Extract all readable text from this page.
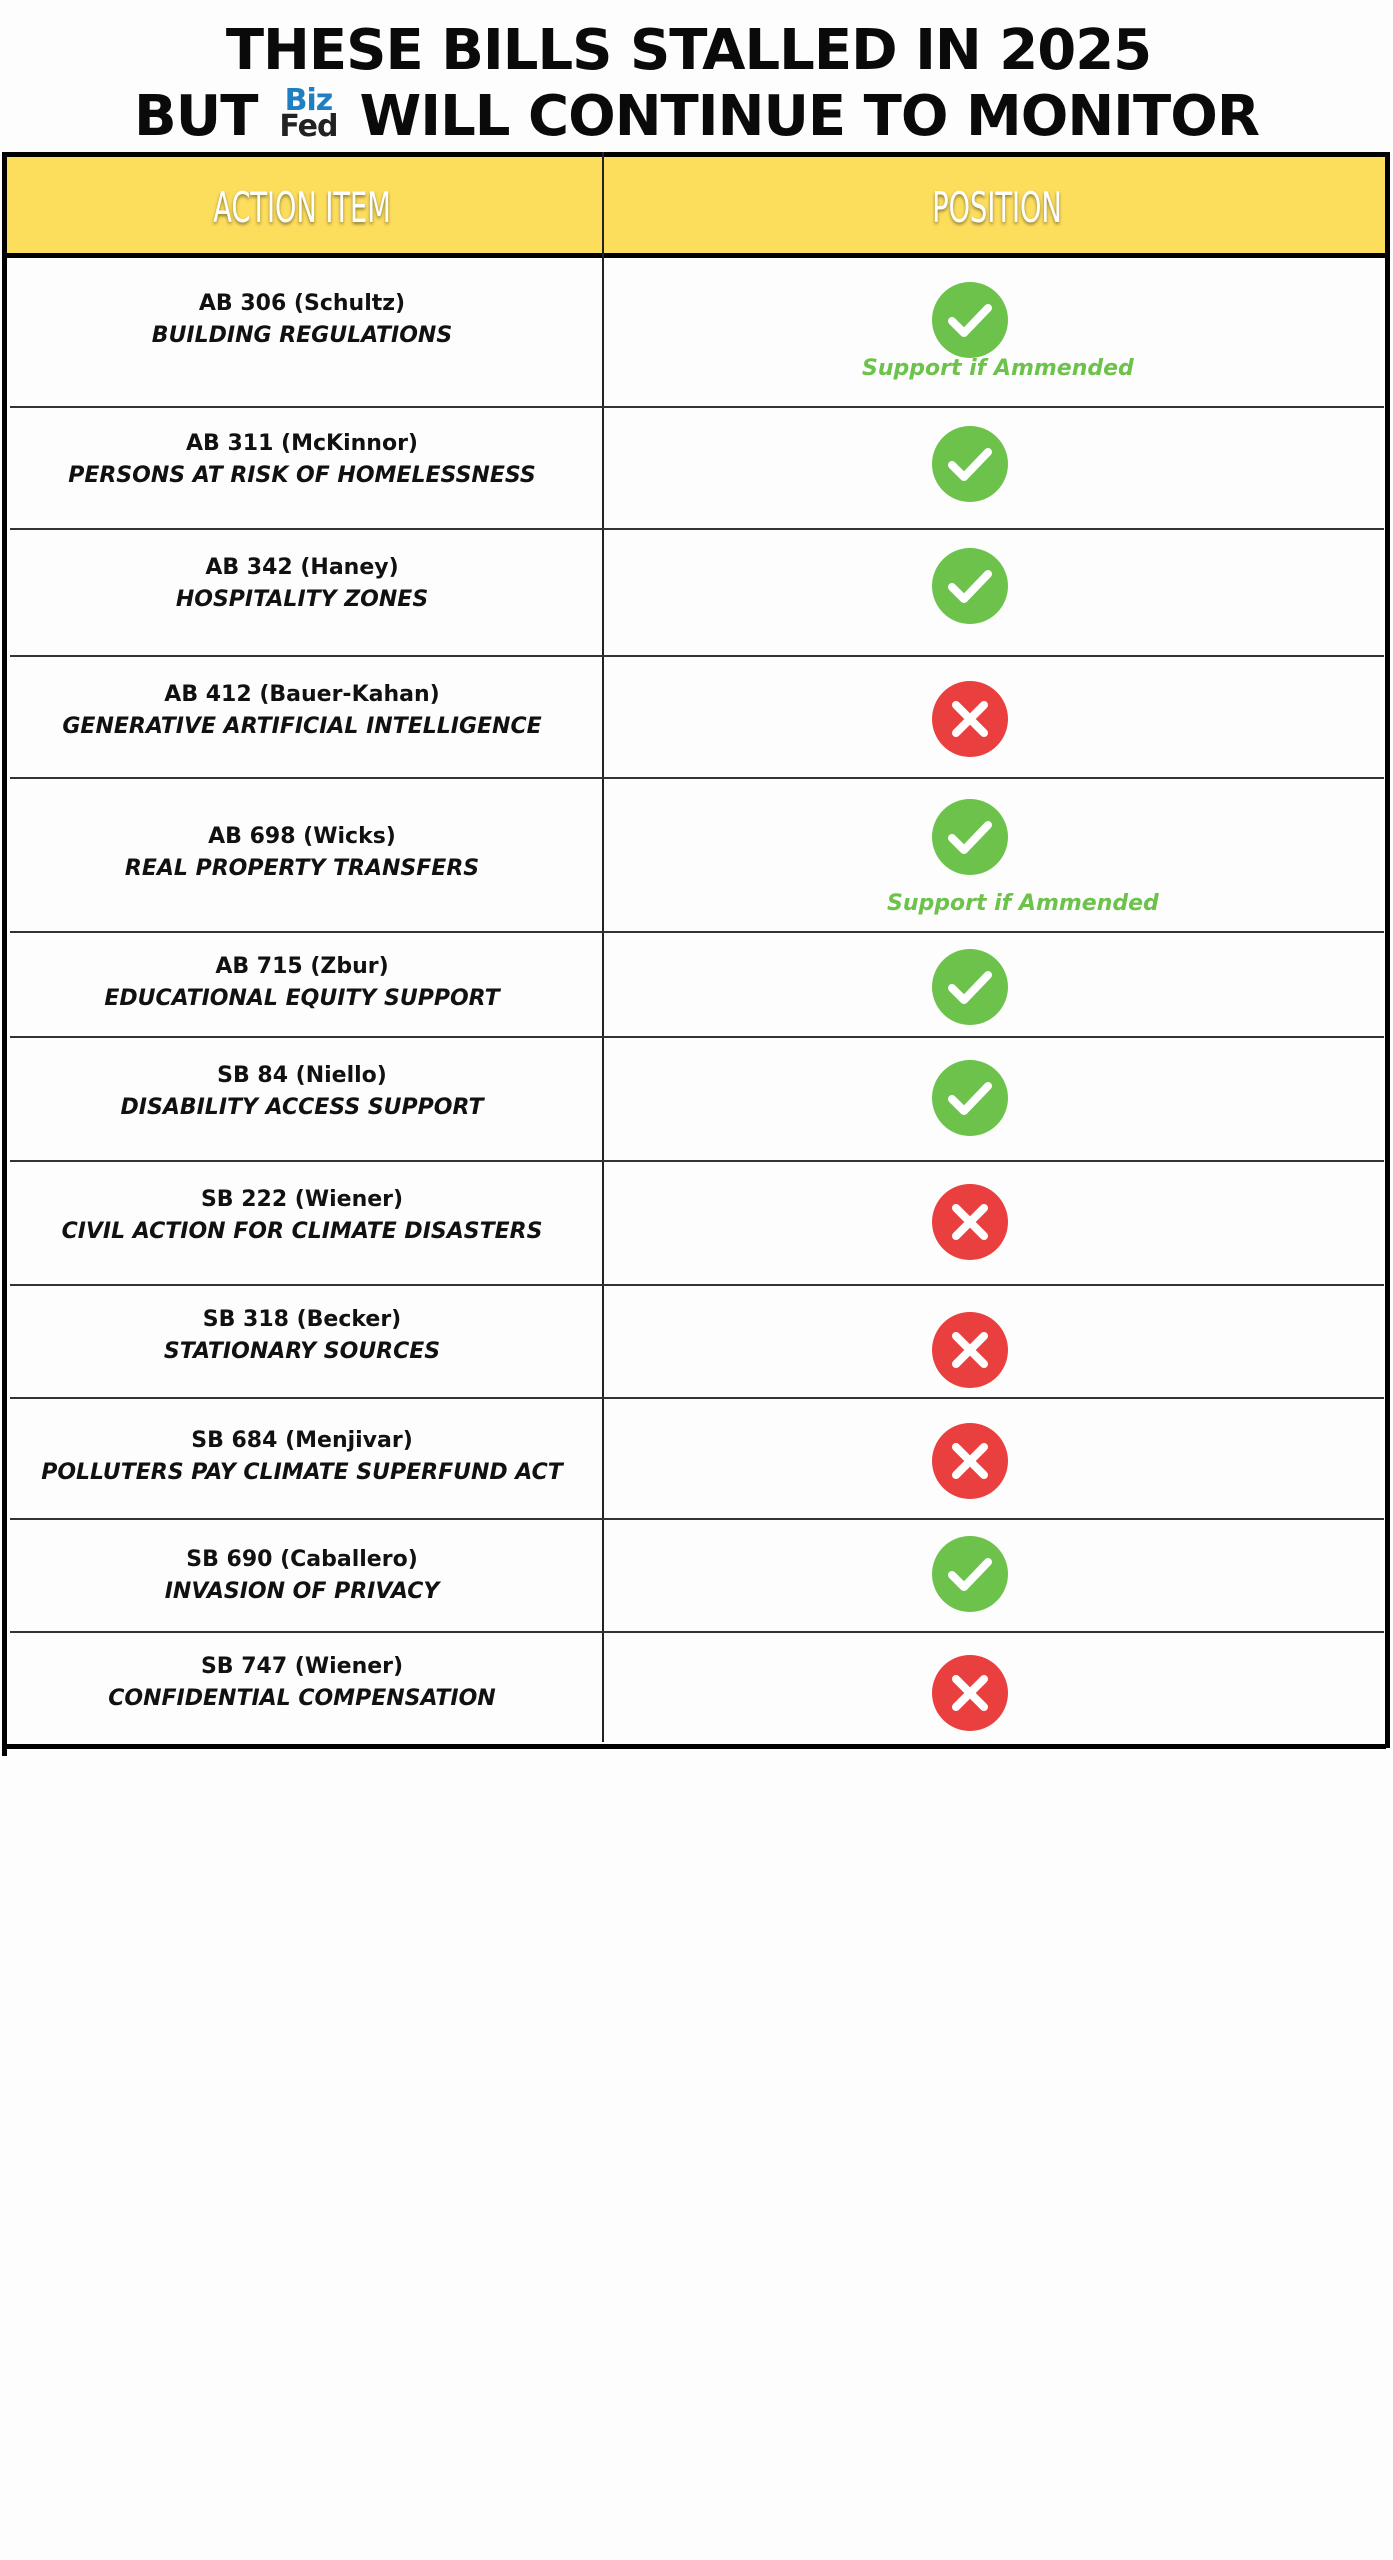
THESE BILLS STALLED IN 2025
BUT Biz
Fed WILL CONTINUE TO MONITOR
ACTION ITEM	POSITION
AB 306 (Schultz)
BUILDING REGULATIONS
Support if Ammended
AB 311 (McKinnor)
PERSONS AT RISK OF HOMELESSNESS
AB 342 (Haney)
HOSPITALITY ZONES
AB 412 (Bauer-Kahan)
GENERATIVE ARTIFICIAL INTELLIGENCE
AB 698 (Wicks)
REAL PROPERTY TRANSFERS
Support if Ammended
AB 715 (Zbur)
EDUCATIONAL EQUITY SUPPORT
SB 84 (Niello)
DISABILITY ACCESS SUPPORT
SB 222 (Wiener)
CIVIL ACTION FOR CLIMATE DISASTERS
SB 318 (Becker)
STATIONARY SOURCES
SB 684 (Menjivar)
POLLUTERS PAY CLIMATE SUPERFUND ACT
SB 690 (Caballero)
INVASION OF PRIVACY
SB 747 (Wiener)
CONFIDENTIAL COMPENSATION
